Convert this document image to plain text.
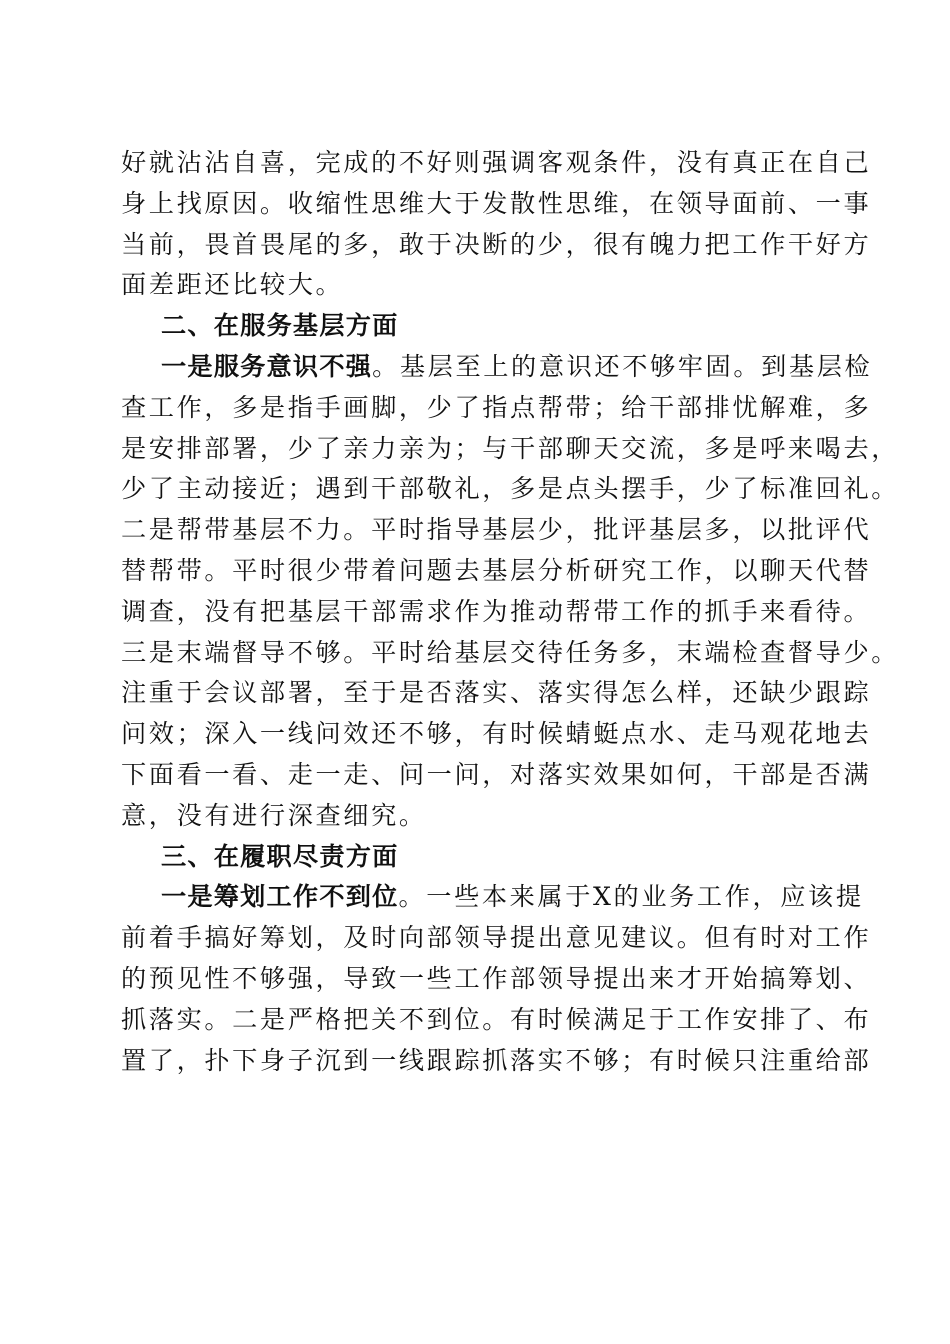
好就沾沾自喜，完成的不好则强调客观条件，没有真正在自己
身上找原因。收缩性思维大于发散性思维，在领导面前、一事
当前，畏首畏尾的多，敢于决断的少，很有魄力把工作干好方
面差距还比较大。
二、在服务基层方面
一是服务意识不强。基层至上的意识还不够牢固。到基层检
查工作，多是指手画脚，少了指点帮带；给干部排忧解难，多
是安排部署，少了亲力亲为；与干部聊天交流，多是呼来喝去，
少了主动接近；遇到干部敬礼，多是点头摆手，少了标准回礼。
二是帮带基层不力。平时指导基层少，批评基层多，以批评代
替帮带。平时很少带着问题去基层分析研究工作，以聊天代替
调查，没有把基层干部需求作为推动帮带工作的抓手来看待。
三是末端督导不够。平时给基层交待任务多，末端检查督导少。
注重于会议部署，至于是否落实、落实得怎么样，还缺少跟踪
问效；深入一线问效还不够，有时候蜻蜓点水、走马观花地去
下面看一看、走一走、问一问，对落实效果如何，干部是否满
意，没有进行深查细究。
三、在履职尽责方面
一是筹划工作不到位。一些本来属于X的业务工作，应该提
前着手搞好筹划，及时向部领导提出意见建议。但有时对工作
的预见性不够强，导致一些工作部领导提出来才开始搞筹划、
抓落实。二是严格把关不到位。有时候满足于工作安排了、布
置了，扑下身子沉到一线跟踪抓落实不够；有时候只注重给部
